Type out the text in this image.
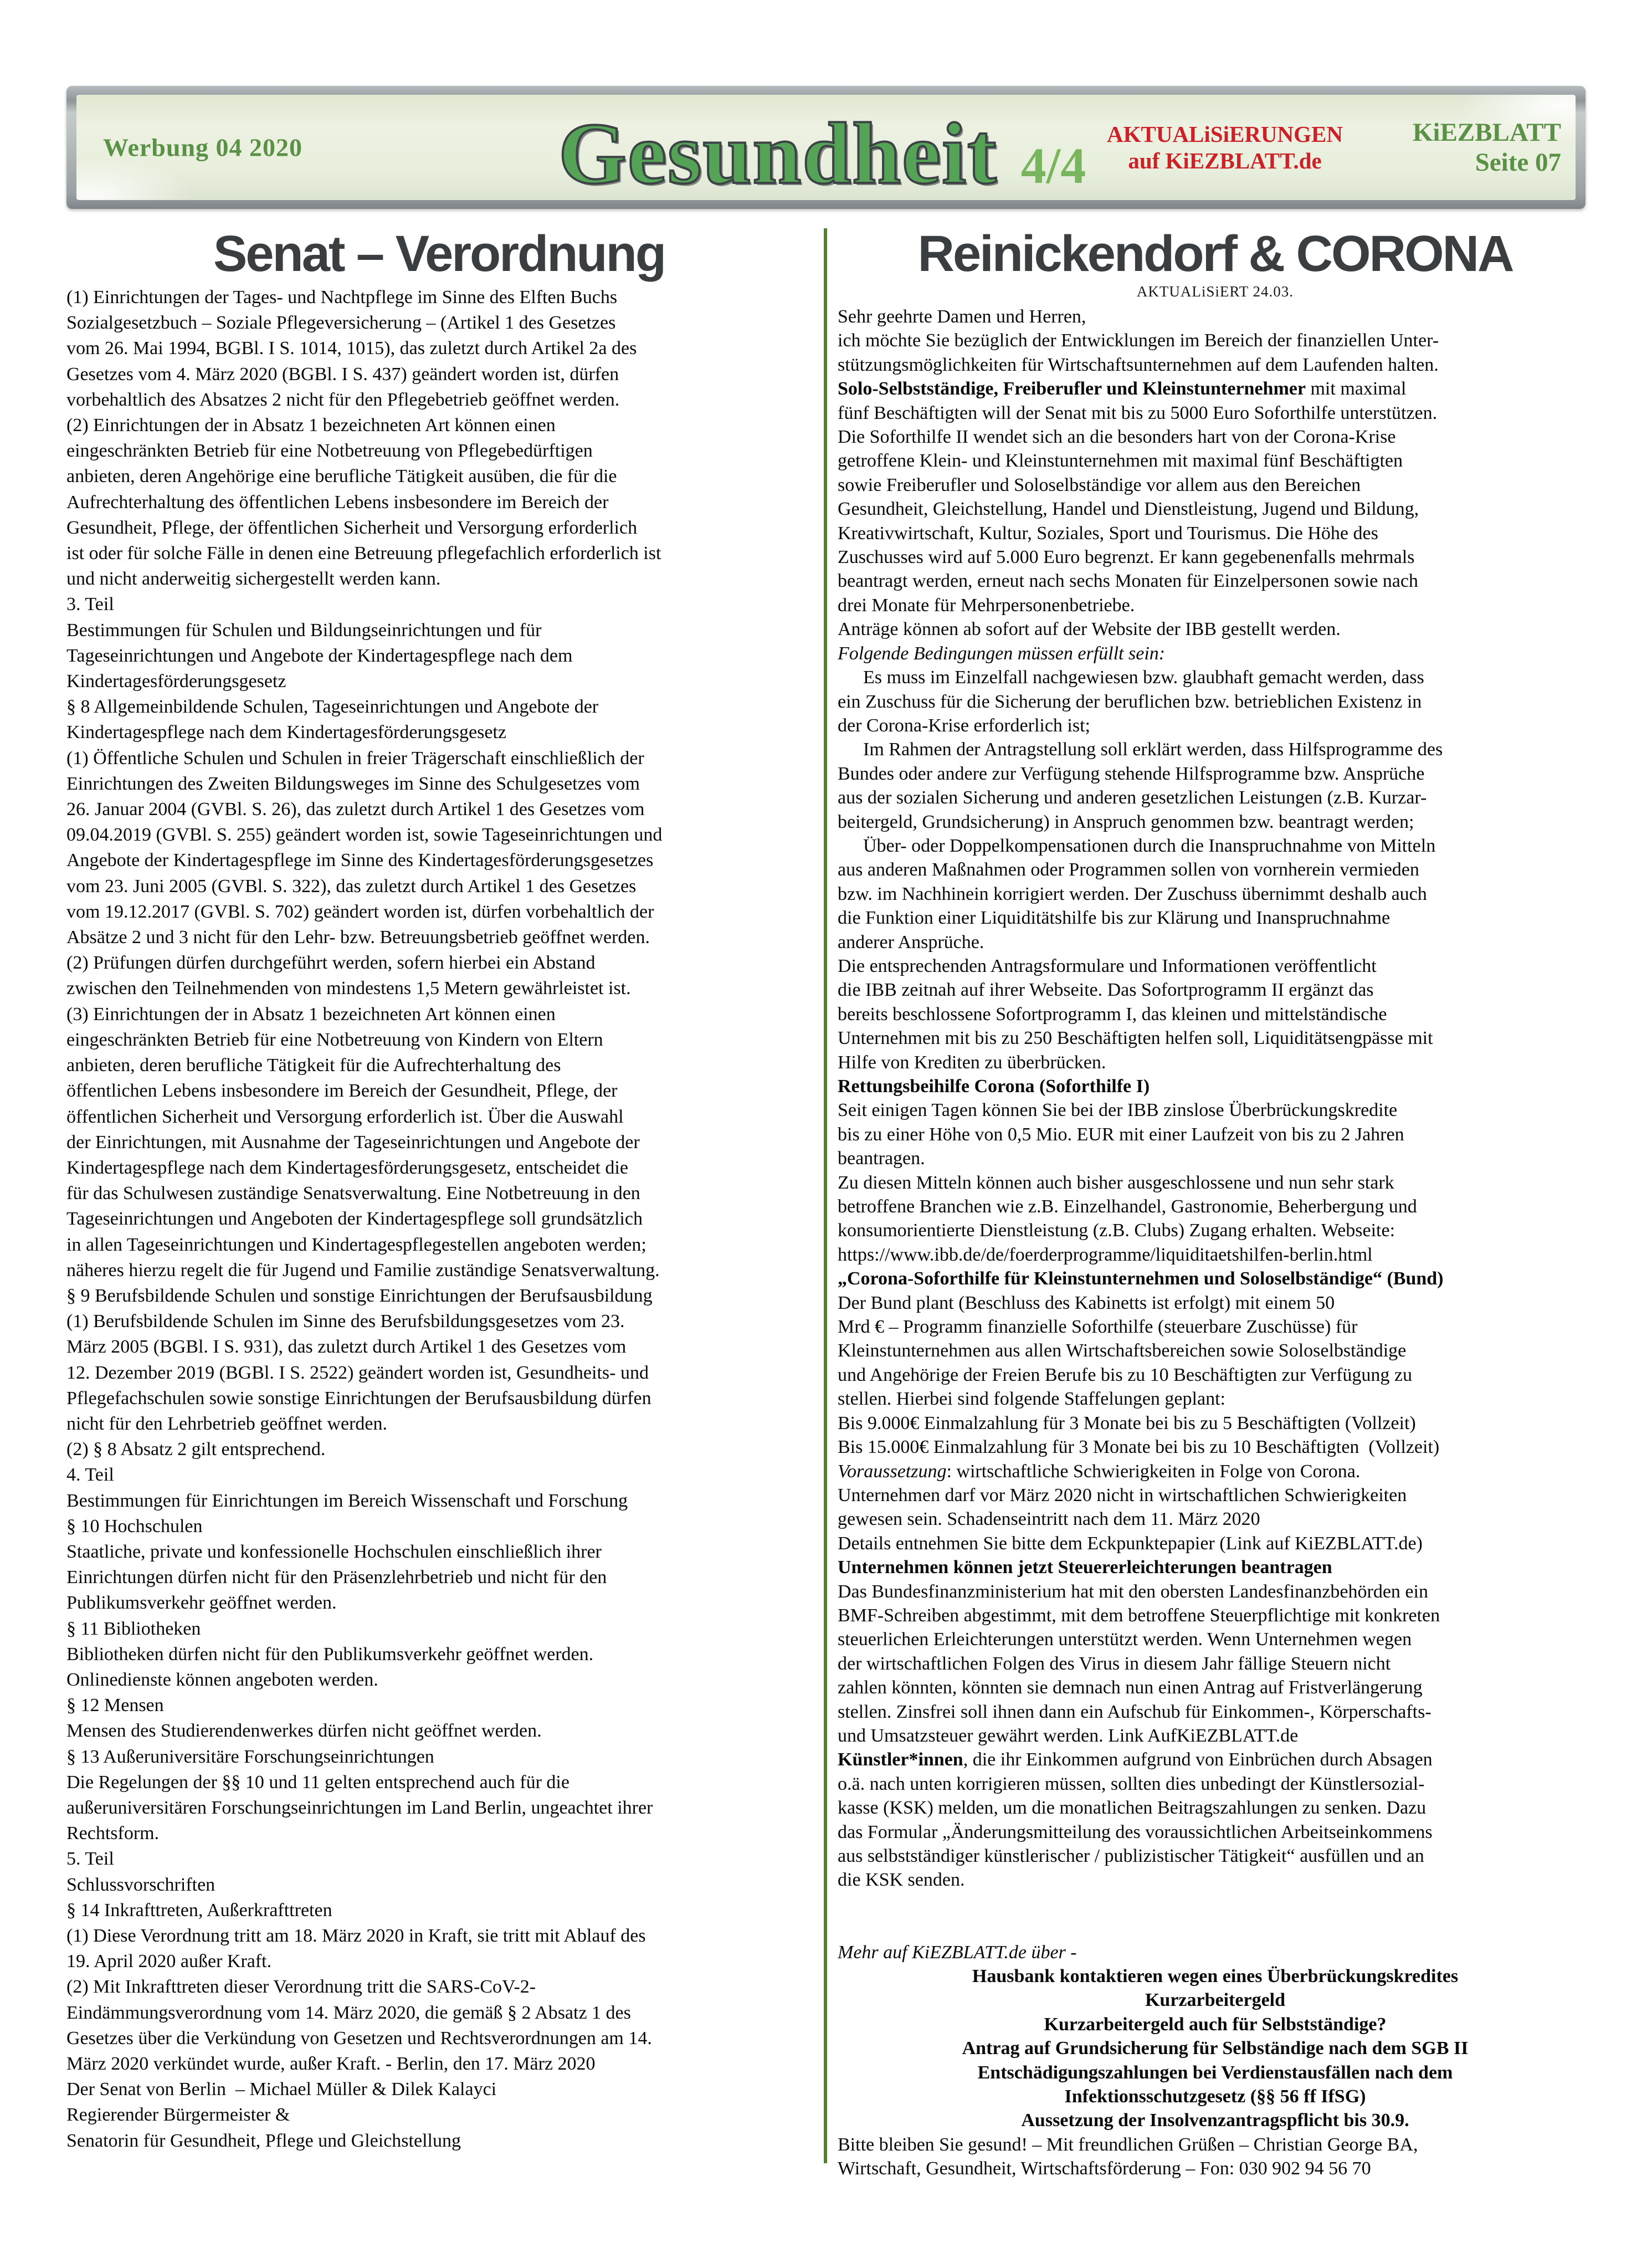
Werbung 04 2020	Gesundheit 4/4
AKTUALiSiERUNGEN
auf KiEZBLATT.de
KiEZBLATT
Seite 07
Senat – Verordnung
(1) Einrichtungen der Tages- und Nachtpflege im Sinne des Elften Buchs
Sozialgesetzbuch – Soziale Pflegeversicherung – (Artikel 1 des Gesetzes
vom 26. Mai 1994, BGBl. I S. 1014, 1015), das zuletzt durch Artikel 2a des
Gesetzes vom 4. März 2020 (BGBl. I S. 437) geändert worden ist, dürfen
vorbehaltlich des Absatzes 2 nicht für den Pflegebetrieb geöffnet werden.
(2) Einrichtungen der in Absatz 1 bezeichneten Art können einen
eingeschränkten Betrieb für eine Notbetreuung von Pflegebedürftigen
anbieten, deren Angehörige eine berufliche Tätigkeit ausüben, die für die
Aufrechterhaltung des öffentlichen Lebens insbesondere im Bereich der
Gesundheit, Pflege, der öffentlichen Sicherheit und Versorgung erforderlich
ist oder für solche Fälle in denen eine Betreuung pflegefachlich erforderlich ist
und nicht anderweitig sichergestellt werden kann.
3. Teil
Bestimmungen für Schulen und Bildungseinrichtungen und für
Tageseinrichtungen und Angebote der Kindertagespflege nach dem
Kindertagesförderungsgesetz
§ 8 Allgemeinbildende Schulen, Tageseinrichtungen und Angebote der
Kindertagespflege nach dem Kindertagesförderungsgesetz
(1) Öffentliche Schulen und Schulen in freier Trägerschaft einschließlich der
Einrichtungen des Zweiten Bildungsweges im Sinne des Schulgesetzes vom
26. Januar 2004 (GVBl. S. 26), das zuletzt durch Artikel 1 des Gesetzes vom
09.04.2019 (GVBl. S. 255) geändert worden ist, sowie Tageseinrichtungen und
Angebote der Kindertagespflege im Sinne des Kindertagesförderungsgesetzes
vom 23. Juni 2005 (GVBl. S. 322), das zuletzt durch Artikel 1 des Gesetzes
vom 19.12.2017 (GVBl. S. 702) geändert worden ist, dürfen vorbehaltlich der
Absätze 2 und 3 nicht für den Lehr- bzw. Betreuungsbetrieb geöffnet werden.
(2) Prüfungen dürfen durchgeführt werden, sofern hierbei ein Abstand
zwischen den Teilnehmenden von mindestens 1,5 Metern gewährleistet ist.
(3) Einrichtungen der in Absatz 1 bezeichneten Art können einen
eingeschränkten Betrieb für eine Notbetreuung von Kindern von Eltern
anbieten, deren berufliche Tätigkeit für die Aufrechterhaltung des
öffentlichen Lebens insbesondere im Bereich der Gesundheit, Pflege, der
öffentlichen Sicherheit und Versorgung erforderlich ist. Über die Auswahl
der Einrichtungen, mit Ausnahme der Tageseinrichtungen und Angebote der
Kindertagespflege nach dem Kindertagesförderungsgesetz, entscheidet die
für das Schulwesen zuständige Senatsverwaltung. Eine Notbetreuung in den
Tageseinrichtungen und Angeboten der Kindertagespflege soll grundsätzlich
in allen Tageseinrichtungen und Kindertagespflegestellen angeboten werden;
näheres hierzu regelt die für Jugend und Familie zuständige Senatsverwaltung.
§ 9 Berufsbildende Schulen und sonstige Einrichtungen der Berufsausbildung
(1) Berufsbildende Schulen im Sinne des Berufsbildungsgesetzes vom 23.
März 2005 (BGBl. I S. 931), das zuletzt durch Artikel 1 des Gesetzes vom
12. Dezember 2019 (BGBl. I S. 2522) geändert worden ist, Gesundheits- und
Pflegefachschulen sowie sonstige Einrichtungen der Berufsausbildung dürfen
nicht für den Lehrbetrieb geöffnet werden.
(2) § 8 Absatz 2 gilt entsprechend.
4. Teil
Bestimmungen für Einrichtungen im Bereich Wissenschaft und Forschung
§ 10 Hochschulen
Staatliche, private und konfessionelle Hochschulen einschließlich ihrer
Einrichtungen dürfen nicht für den Präsenzlehrbetrieb und nicht für den
Publikumsverkehr geöffnet werden.
§ 11 Bibliotheken
Bibliotheken dürfen nicht für den Publikumsverkehr geöffnet werden.
Onlinedienste können angeboten werden.
§ 12 Mensen
Mensen des Studierendenwerkes dürfen nicht geöffnet werden.
§ 13 Außeruniversitäre Forschungseinrichtungen
Die Regelungen der §§ 10 und 11 gelten entsprechend auch für die
außeruniversitären Forschungseinrichtungen im Land Berlin, ungeachtet ihrer
Rechtsform.
5. Teil
Schlussvorschriften
§ 14 Inkrafttreten, Außerkrafttreten
(1) Diese Verordnung tritt am 18. März 2020 in Kraft, sie tritt mit Ablauf des
19. April 2020 außer Kraft.
(2) Mit Inkrafttreten dieser Verordnung tritt die SARS-CoV-2-
Eindämmungsverordnung vom 14. März 2020, die gemäß § 2 Absatz 1 des
Gesetzes über die Verkündung von Gesetzen und Rechtsverordnungen am 14.
März 2020 verkündet wurde, außer Kraft. - Berlin, den 17. März 2020
Der Senat von Berlin  – Michael Müller & Dilek Kalayci
Regierender Bürgermeister &
Senatorin für Gesundheit, Pflege und Gleichstellung
Reinickendorf & CORONA
AKTUALiSiERT 24.03.
Sehr geehrte Damen und Herren,
ich möchte Sie bezüglich der Entwicklungen im Bereich der finanziellen Unter-
stützungsmöglichkeiten für Wirtschaftsunternehmen auf dem Laufenden halten.
Solo-Selbstständige, Freiberufler und Kleinstunternehmer mit maximal
fünf Beschäftigten will der Senat mit bis zu 5000 Euro Soforthilfe unterstützen.
Die Soforthilfe II wendet sich an die besonders hart von der Corona-Krise
getroffene Klein- und Kleinstunternehmen mit maximal fünf Beschäftigten
sowie Freiberufler und Soloselbständige vor allem aus den Bereichen
Gesundheit, Gleichstellung, Handel und Dienstleistung, Jugend und Bildung,
Kreativwirtschaft, Kultur, Soziales, Sport und Tourismus. Die Höhe des
Zuschusses wird auf 5.000 Euro begrenzt. Er kann gegebenenfalls mehrmals
beantragt werden, erneut nach sechs Monaten für Einzelpersonen sowie nach
drei Monate für Mehrpersonenbetriebe.
Anträge können ab sofort auf der Website der IBB gestellt werden.
Folgende Bedingungen müssen erfüllt sein:
Es muss im Einzelfall nachgewiesen bzw. glaubhaft gemacht werden, dass
ein Zuschuss für die Sicherung der beruflichen bzw. betrieblichen Existenz in
der Corona-Krise erforderlich ist;
Im Rahmen der Antragstellung soll erklärt werden, dass Hilfsprogramme des
Bundes oder andere zur Verfügung stehende Hilfsprogramme bzw. Ansprüche
aus der sozialen Sicherung und anderen gesetzlichen Leistungen (z.B. Kurzar-
beitergeld, Grundsicherung) in Anspruch genommen bzw. beantragt werden;
Über- oder Doppelkompensationen durch die Inanspruchnahme von Mitteln
aus anderen Maßnahmen oder Programmen sollen von vornherein vermieden
bzw. im Nachhinein korrigiert werden. Der Zuschuss übernimmt deshalb auch
die Funktion einer Liquiditätshilfe bis zur Klärung und Inanspruchnahme
anderer Ansprüche.
Die entsprechenden Antragsformulare und Informationen veröffentlicht
die IBB zeitnah auf ihrer Webseite. Das Sofortprogramm II ergänzt das
bereits beschlossene Sofortprogramm I, das kleinen und mittelständische
Unternehmen mit bis zu 250 Beschäftigten helfen soll, Liquiditätsengpässe mit
Hilfe von Krediten zu überbrücken.
Rettungsbeihilfe Corona (Soforthilfe I)
Seit einigen Tagen können Sie bei der IBB zinslose Überbrückungskredite
bis zu einer Höhe von 0,5 Mio. EUR mit einer Laufzeit von bis zu 2 Jahren
beantragen.
Zu diesen Mitteln können auch bisher ausgeschlossene und nun sehr stark
betroffene Branchen wie z.B. Einzelhandel, Gastronomie, Beherbergung und
konsumorientierte Dienstleistung (z.B. Clubs) Zugang erhalten. Webseite:
https://www.ibb.de/de/foerderprogramme/liquiditaetshilfen-berlin.html
„Corona-Soforthilfe für Kleinstunternehmen und Soloselbständige“ (Bund)
Der Bund plant (Beschluss des Kabinetts ist erfolgt) mit einem 50
Mrd € – Programm finanzielle Soforthilfe (steuerbare Zuschüsse) für
Kleinstunternehmen aus allen Wirtschaftsbereichen sowie Soloselbständige
und Angehörige der Freien Berufe bis zu 10 Beschäftigten zur Verfügung zu
stellen. Hierbei sind folgende Staffelungen geplant:
Bis 9.000€ Einmalzahlung für 3 Monate bei bis zu 5 Beschäftigten (Vollzeit)
Bis 15.000€ Einmalzahlung für 3 Monate bei bis zu 10 Beschäftigten  (Vollzeit)
Voraussetzung: wirtschaftliche Schwierigkeiten in Folge von Corona.
Unternehmen darf vor März 2020 nicht in wirtschaftlichen Schwierigkeiten
gewesen sein. Schadenseintritt nach dem 11. März 2020
Details entnehmen Sie bitte dem Eckpunktepapier (Link auf KiEZBLATT.de)
Unternehmen können jetzt Steuererleichterungen beantragen
Das Bundesfinanzministerium hat mit den obersten Landesfinanzbehörden ein
BMF-Schreiben abgestimmt, mit dem betroffene Steuerpflichtige mit konkreten
steuerlichen Erleichterungen unterstützt werden. Wenn Unternehmen wegen
der wirtschaftlichen Folgen des Virus in diesem Jahr fällige Steuern nicht
zahlen könnten, könnten sie demnach nun einen Antrag auf Fristverlängerung
stellen. Zinsfrei soll ihnen dann ein Aufschub für Einkommen-, Körperschafts-
und Umsatzsteuer gewährt werden. Link AufKiEZBLATT.de
Künstler*innen, die ihr Einkommen aufgrund von Einbrüchen durch Absagen
o.ä. nach unten korrigieren müssen, sollten dies unbedingt der Künstlersozial-
kasse (KSK) melden, um die monatlichen Beitragszahlungen zu senken. Dazu
das Formular „Änderungsmitteilung des voraussichtlichen Arbeitseinkommens
aus selbstständiger künstlerischer / publizistischer Tätigkeit“ ausfüllen und an
die KSK senden.

Mehr auf KiEZBLATT.de über -
Hausbank kontaktieren wegen eines Überbrückungskredites
Kurzarbeitergeld
Kurzarbeitergeld auch für Selbstständige?
Antrag auf Grundsicherung für Selbständige nach dem SGB II
Entschädigungszahlungen bei Verdienstausfällen nach dem
Infektionsschutzgesetz (§§ 56 ff IfSG)
Aussetzung der Insolvenzantragspflicht bis 30.9.
Bitte bleiben Sie gesund! – Mit freundlichen Grüßen – Christian George BA,
Wirtschaft, Gesundheit, Wirtschaftsförderung – Fon: 030 902 94 56 70
